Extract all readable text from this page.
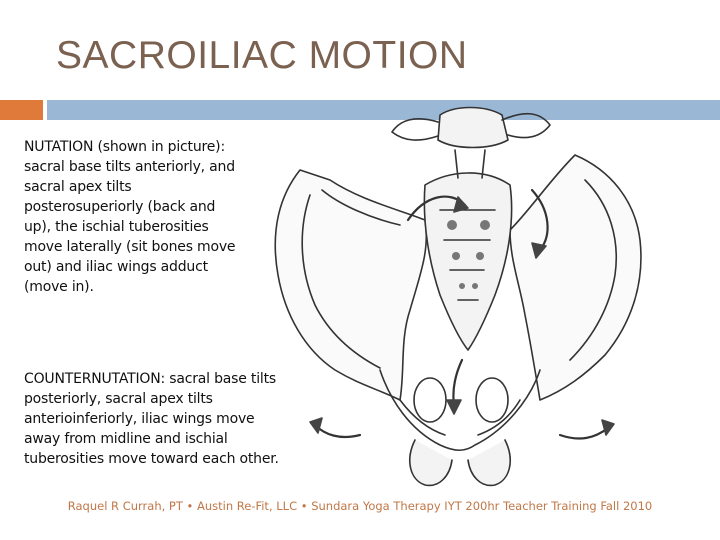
SACROILIAC MOTION
NUTATION (shown in picture): sacral base tilts anteriorly, and sacral apex tilts posterosuperiorly (back and up), the ischial tuberosities move laterally (sit bones move out) and iliac wings adduct (move in).
COUNTERNUTATION: sacral base tilts posteriorly, sacral apex tilts anterioinferiorly, iliac wings move away from midline and ischial tuberosities move toward each other.
Raquel R Currah, PT • Austin Re-Fit, LLC • Sundara Yoga Therapy IYT 200hr Teacher Training Fall 2010
